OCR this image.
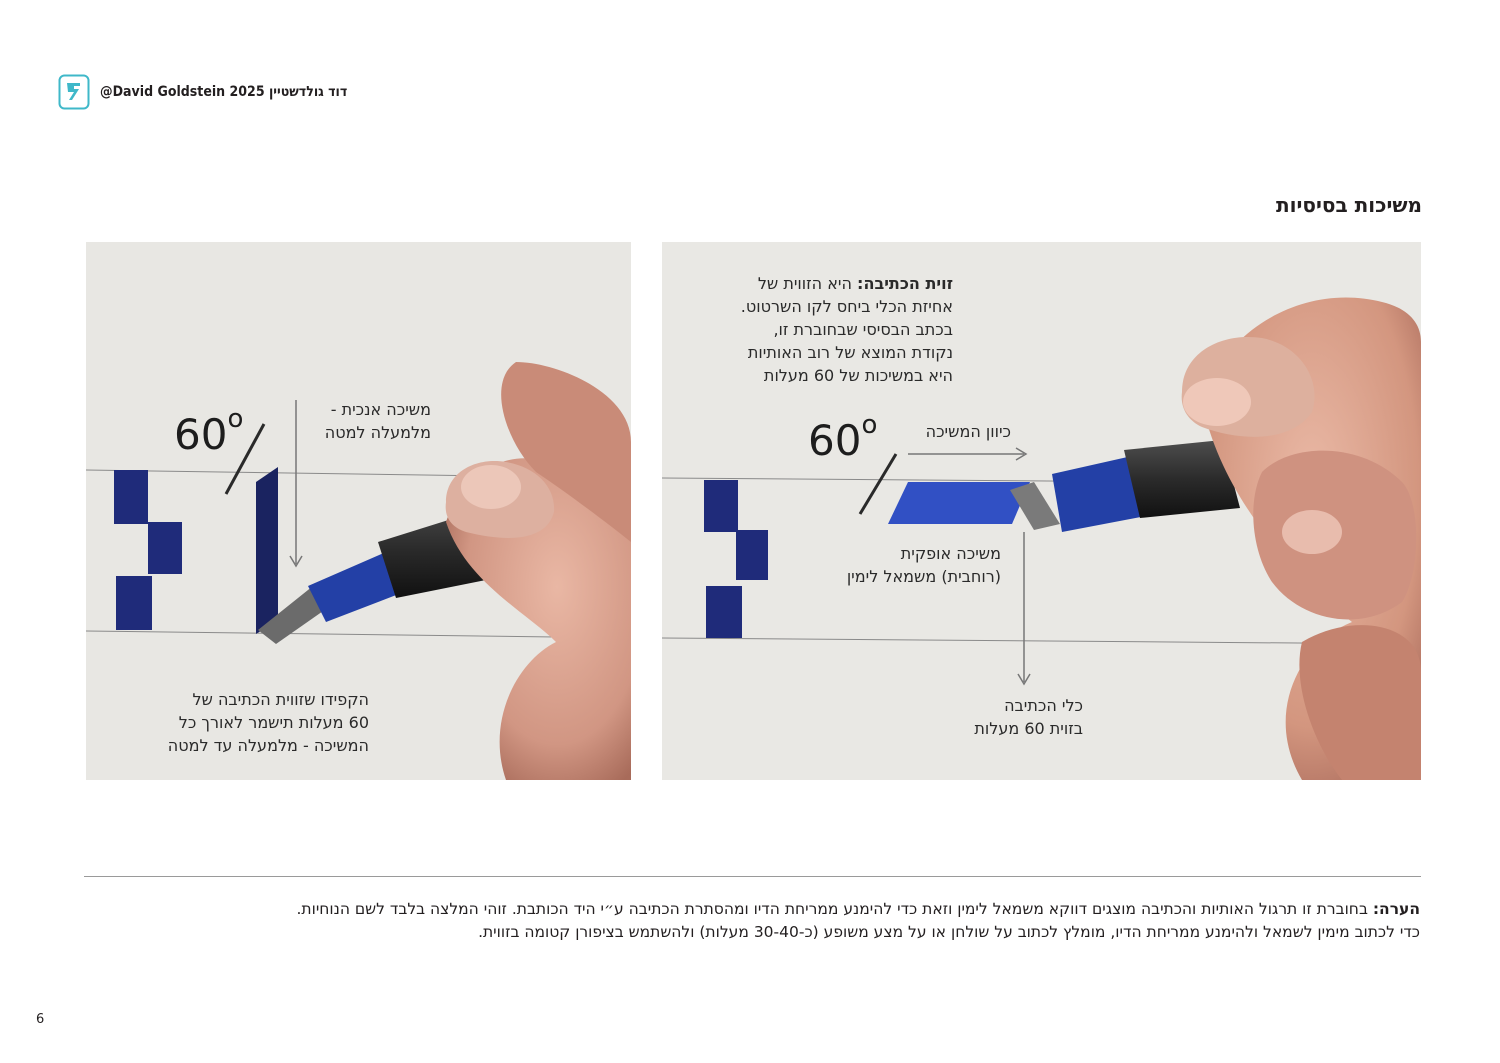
@David Goldstein 2025 דוד גולדשטיין
משיכות בסיסיות
60$^o$	משיכה אנכית -
מלמעלה למטה
הקפידו שזווית הכתיבה של
60 מעלות תישמר לאורך כל
המשיכה - מלמעלה עד למטה
60$^o$
זוית הכתיבה: היא הזווית של
אחיזת הכלי ביחס לקו השרטוט.
בכתב הבסיסי שבחוברת זו,
נקודת המוצא של רוב האותיות
היא במשיכות של 60 מעלות
כיוון המשיכה
משיכה אופקית
(רוחבית) משמאל לימין
כלי הכתיבה
בזוית 60 מעלות
הערה: בחוברת זו תרגול האותיות והכתיבה מוצגים דווקא משמאל לימין וזאת כדי להימנע ממריחת הדיו ומהסתרת הכתיבה ע״י היד הכותבת. זוהי המלצה בלבד לשם הנוחיות.
כדי לכתוב מימין לשמאל ולהימנע ממריחת הדיו, מומלץ לכתוב על שולחן או על מצע משופע (כ-30-40 מעלות) ולהשתמש בציפורן קטומה בזווית.
6
